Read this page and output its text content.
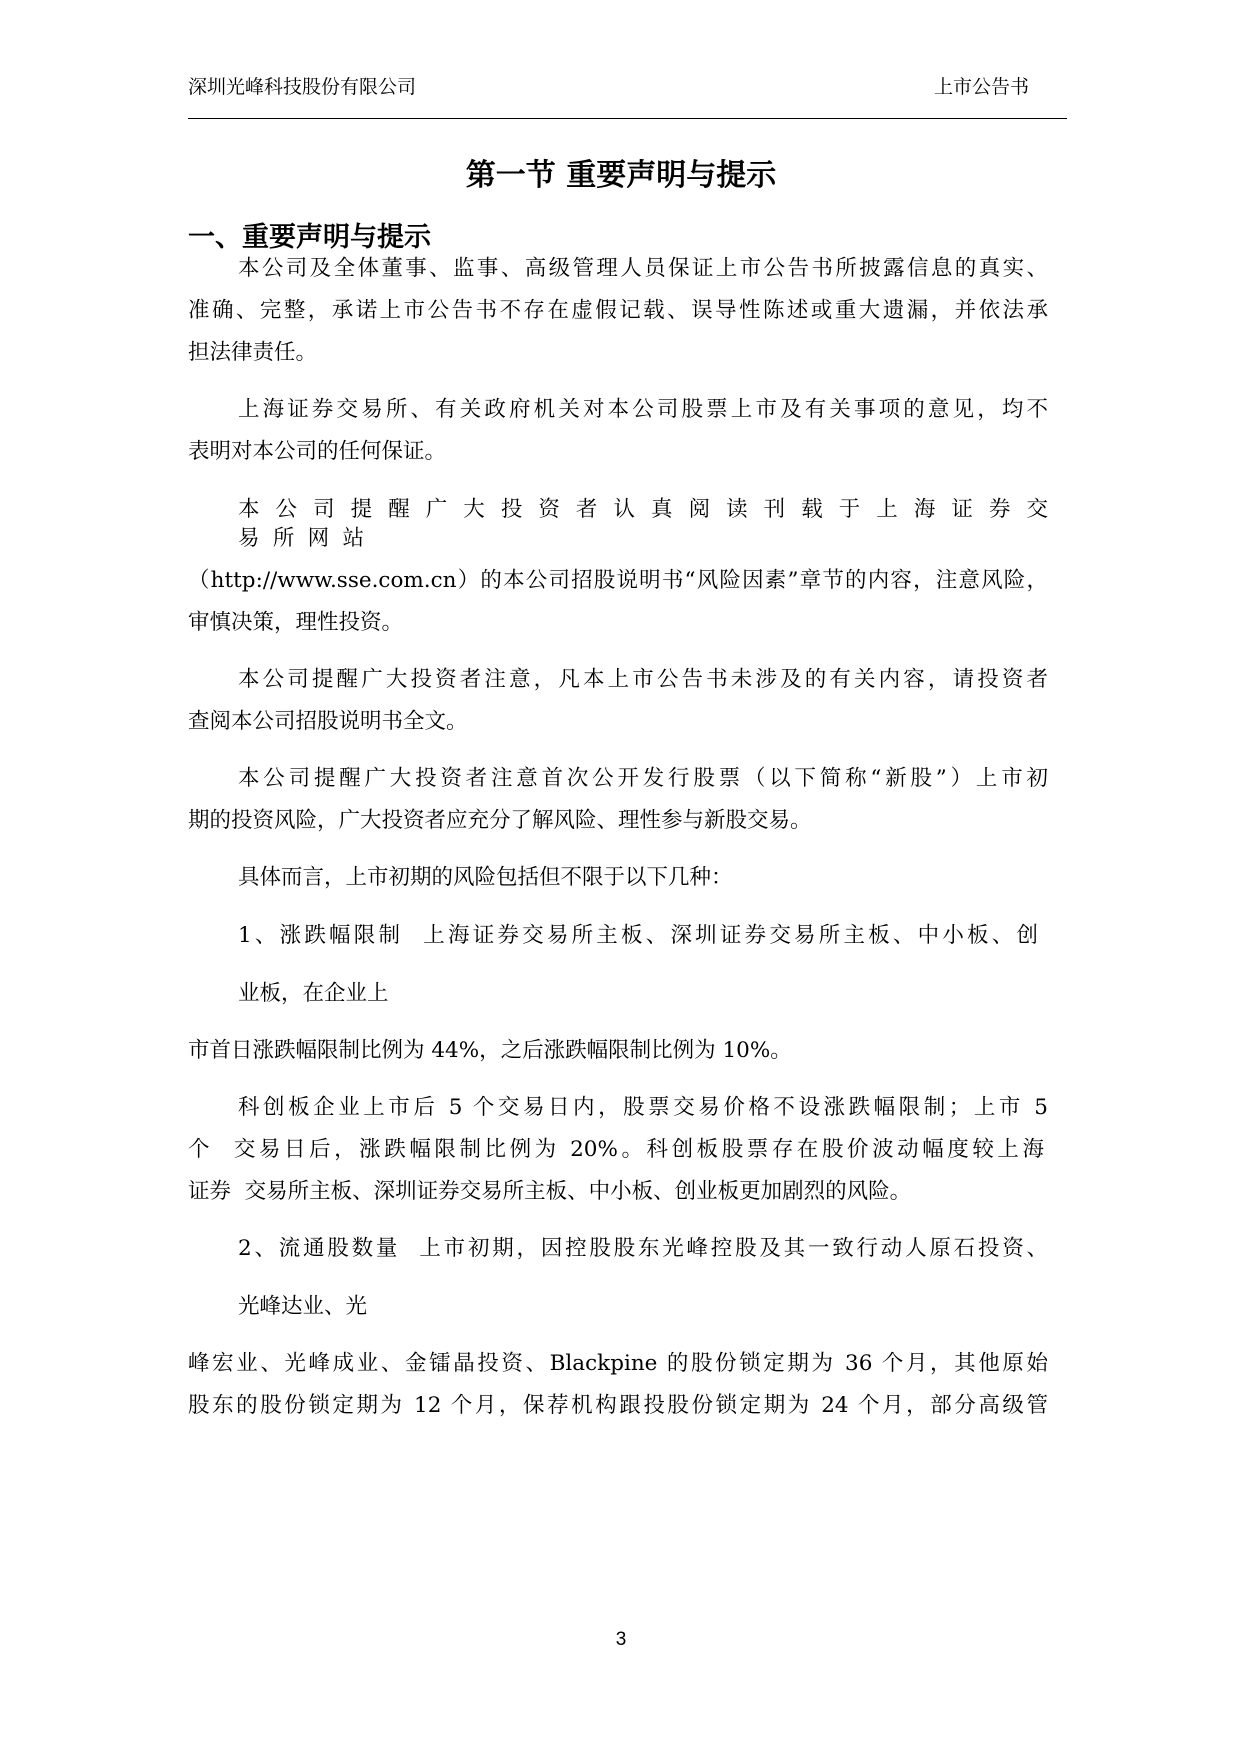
深圳光峰科技股份有限公司	上市公告书
第一节 重要声明与提示
一、重要声明与提示
本公司及全体董事、监事、高级管理人员保证上市公告书所披露信息的真实、
准确、完整，承诺上市公告书不存在虚假记载、误导性陈述或重大遗漏，并依法承
担法律责任。
上海证券交易所、有关政府机关对本公司股票上市及有关事项的意见，均不
表明对本公司的任何保证。
本公司提醒广大投资者认真阅读刊载于上海证券交
易所网站
（http://www.sse.com.cn）的本公司招股说明书“风险因素”章节的内容，注意风险，
审慎决策，理性投资。
本公司提醒广大投资者注意，凡本上市公告书未涉及的有关内容，请投资者
查阅本公司招股说明书全文。
本公司提醒广大投资者注意首次公开发行股票（以下简称“新股”）上市初
期的投资风险，广大投资者应充分了解风险、理性参与新股交易。
具体而言，上市初期的风险包括但不限于以下几种：
1、涨跌幅限制  上海证券交易所主板、深圳证券交易所主板、中小板、创
业板，在企业上
市首日涨跌幅限制比例为 44%，之后涨跌幅限制比例为 10%。
科创板企业上市后 5 个交易日内，股票交易价格不设涨跌幅限制；上市 5
个  交易日后，涨跌幅限制比例为 20%。科创板股票存在股价波动幅度较上海
证券  交易所主板、深圳证券交易所主板、中小板、创业板更加剧烈的风险。
2、流通股数量  上市初期，因控股股东光峰控股及其一致行动人原石投资、
光峰达业、光
峰宏业、光峰成业、金镭晶投资、Blackpine 的股份锁定期为 36 个月，其他原始
股东的股份锁定期为 12 个月，保荐机构跟投股份锁定期为 24 个月，部分高级管
3
